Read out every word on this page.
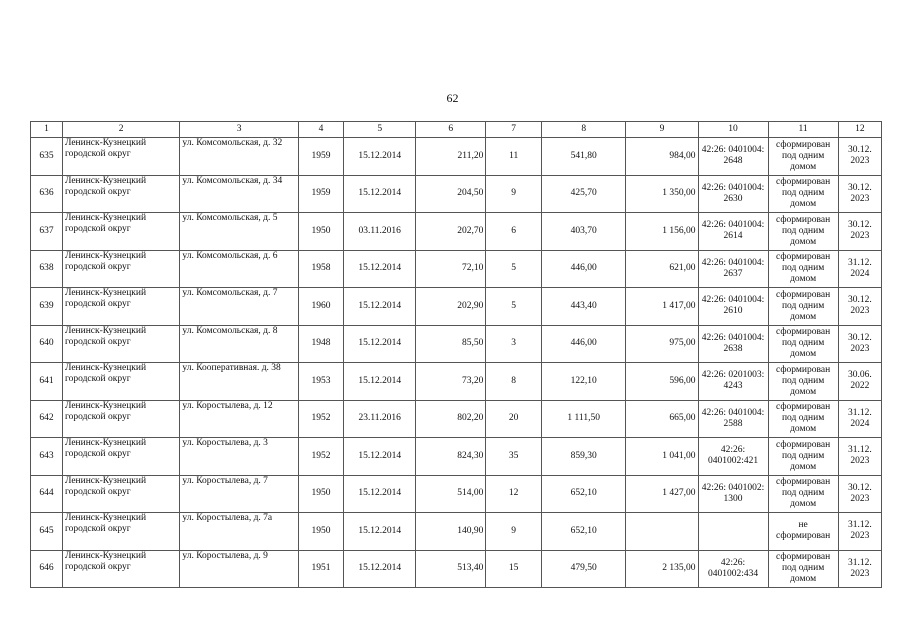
62
1	2	3	4	5	6	7	8	9	10	11	12
635	Ленинск-Кузнецкий городской округ	ул. Комсомольская, д. 32	1959	15.12.2014	211,20	11	541,80	984,00	42:26: 0401004: 2648	сформирован под одним домом	30.12. 2023
636	Ленинск-Кузнецкий городской округ	ул. Комсомольская, д. 34	1959	15.12.2014	204,50	9	425,70	1 350,00	42:26: 0401004: 2630	сформирован под одним домом	30.12. 2023
637	Ленинск-Кузнецкий городской округ	ул. Комсомольская, д. 5	1950	03.11.2016	202,70	6	403,70	1 156,00	42:26: 0401004: 2614	сформирован под одним домом	30.12. 2023
638	Ленинск-Кузнецкий городской округ	ул. Комсомольская, д. 6	1958	15.12.2014	72,10	5	446,00	621,00	42:26: 0401004: 2637	сформирован под одним домом	31.12. 2024
639	Ленинск-Кузнецкий городской округ	ул. Комсомольская, д. 7	1960	15.12.2014	202,90	5	443,40	1 417,00	42:26: 0401004: 2610	сформирован под одним домом	30.12. 2023
640	Ленинск-Кузнецкий городской округ	ул. Комсомольская, д. 8	1948	15.12.2014	85,50	3	446,00	975,00	42:26: 0401004: 2638	сформирован под одним домом	30.12. 2023
641	Ленинск-Кузнецкий городской округ	ул. Кооперативная. д. 38	1953	15.12.2014	73,20	8	122,10	596,00	42:26: 0201003: 4243	сформирован под одним домом	30.06. 2022
642	Ленинск-Кузнецкий городской округ	ул. Коростылева, д. 12	1952	23.11.2016	802,20	20	1 111,50	665,00	42:26: 0401004: 2588	сформирован под одним домом	31.12. 2024
643	Ленинск-Кузнецкий городской округ	ул. Коростылева, д. 3	1952	15.12.2014	824,30	35	859,30	1 041,00	42:26: 0401002:421	сформирован под одним домом	31.12. 2023
644	Ленинск-Кузнецкий городской округ	ул. Коростылева, д. 7	1950	15.12.2014	514,00	12	652,10	1 427,00	42:26: 0401002: 1300	сформирован под одним домом	30.12. 2023
645	Ленинск-Кузнецкий городской округ	ул. Коростылева, д. 7а	1950	15.12.2014	140,90	9	652,10			не сформирован	31.12. 2023
646	Ленинск-Кузнецкий городской округ	ул. Коростылева, д. 9	1951	15.12.2014	513,40	15	479,50	2 135,00	42:26: 0401002:434	сформирован под одним домом	31.12. 2023
